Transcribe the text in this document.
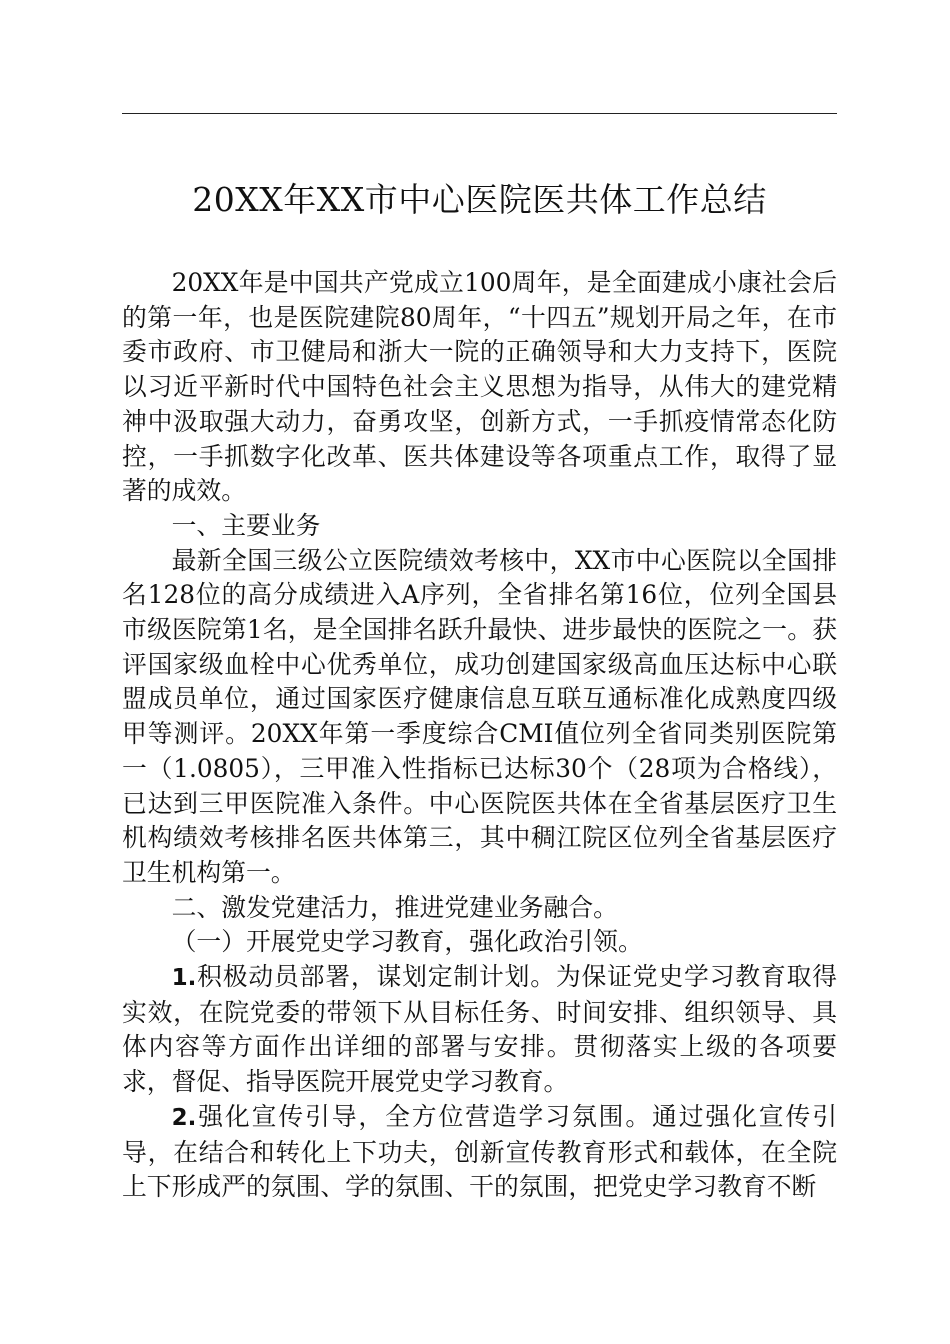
20XX年XX市中心医院医共体工作总结

20XX年是中国共产党成立100周年，是全面建成小康社会后的第一年，也是医院建院80周年，“十四五”规划开局之年，在市委市政府、市卫健局和浙大一院的正确领导和大力支持下，医院以习近平新时代中国特色社会主义思想为指导，从伟大的建党精神中汲取强大动力，奋勇攻坚，创新方式，一手抓疫情常态化防控，一手抓数字化改革、医共体建设等各项重点工作，取得了显著的成效。

一、主要业务

最新全国三级公立医院绩效考核中，XX市中心医院以全国排名128位的高分成绩进入A序列，全省排名第16位，位列全国县市级医院第1名，是全国排名跃升最快、进步最快的医院之一。获评国家级血栓中心优秀单位，成功创建国家级高血压达标中心联盟成员单位，通过国家医疗健康信息互联互通标准化成熟度四级甲等测评。20XX年第一季度综合CMI值位列全省同类别医院第一（1.0805），三甲准入性指标已达标30个（28项为合格线），已达到三甲医院准入条件。中心医院医共体在全省基层医疗卫生机构绩效考核排名医共体第三，其中稠江院区位列全省基层医疗卫生机构第一。

二、激发党建活力，推进党建业务融合。

（一）开展党史学习教育，强化政治引领。

1.积极动员部署，谋划定制计划。为保证党史学习教育取得实效，在院党委的带领下从目标任务、时间安排、组织领导、具体内容等方面作出详细的部署与安排。贯彻落实上级的各项要求，督促、指导医院开展党史学习教育。

2.强化宣传引导，全方位营造学习氛围。通过强化宣传引导，在结合和转化上下功夫，创新宣传教育形式和载体，在全院上下形成严的氛围、学的氛围、干的氛围，把党史学习教育不断
